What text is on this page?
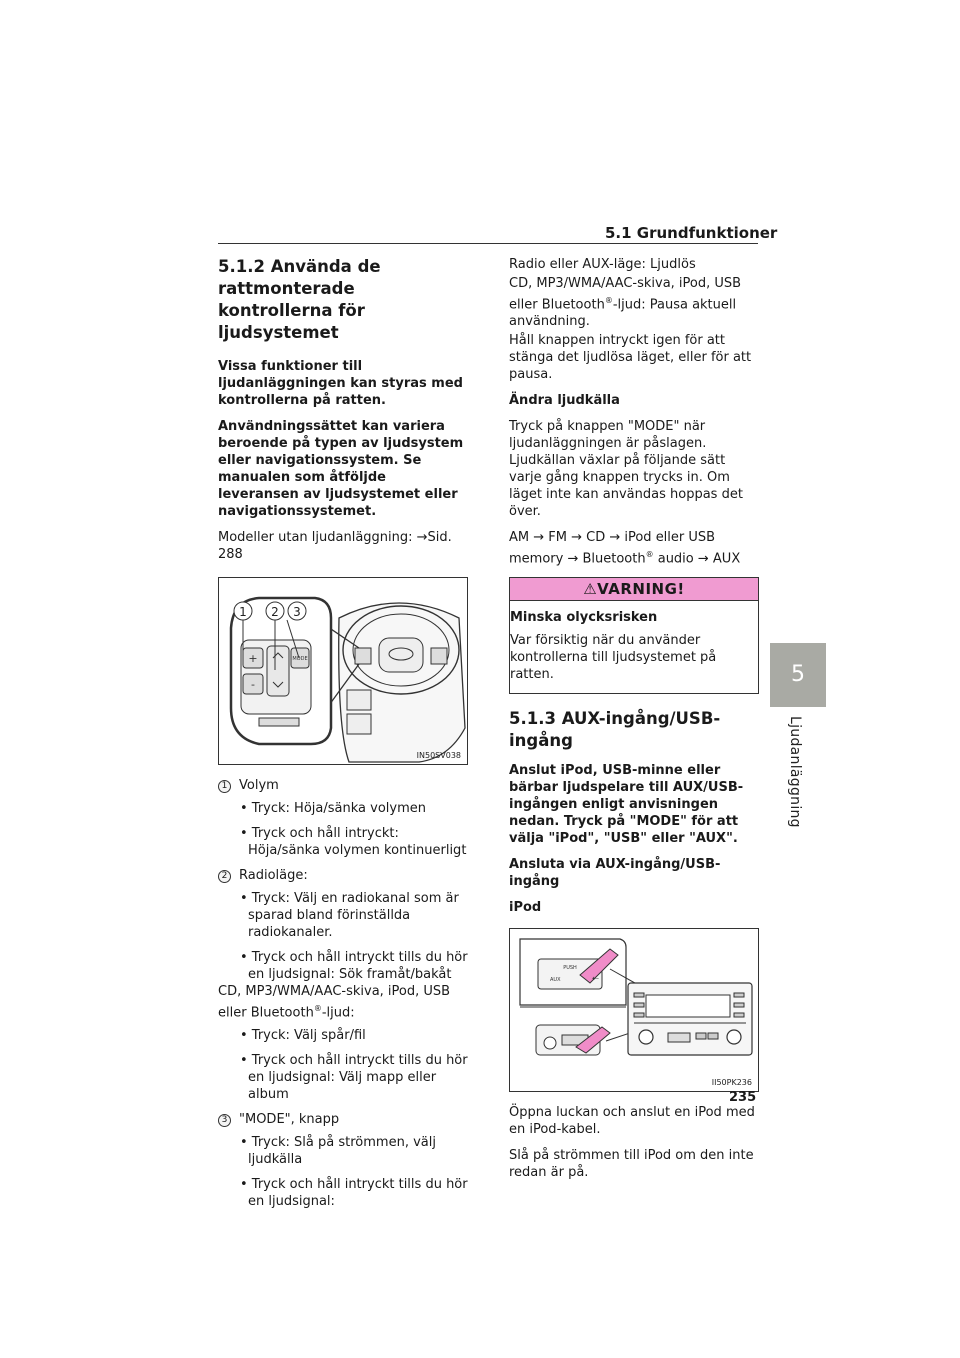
5.1 Grundfunktioner
5
Ljudanläggning
5.1.2 Använda de rattmonterade kontrollerna för ljudsystemet

Vissa funktioner till ljudanläggningen kan styras med kontrollerna på ratten.

Användningssättet kan variera beroende på typen av ljudsystem eller navigationssystem. Se manualen som åtföljde leveransen av ljudsystemet eller navigationssystemet.

Modeller utan ljudanläggning: →Sid. 288

+
-
MODE
1 2 3
IN50SV038

1 Volym

• Tryck: Höja/sänka volymen

• Tryck och håll intryckt: Höja/sänka volymen kontinuerligt

2 Radioläge:

• Tryck: Välj en radiokanal som är sparad bland förinställda radiokanaler.

• Tryck och håll intryckt tills du hör en ljudsignal: Sök framåt/bakåt

CD, MP3/WMA/AAC-skiva, iPod, USB eller Bluetooth®-ljud:

• Tryck: Välj spår/fil

• Tryck och håll intryckt tills du hör en ljudsignal: Välj mapp eller album

3 "MODE", knapp

• Tryck: Slå på strömmen, välj ljudkälla

• Tryck och håll intryckt tills du hör en ljudsignal:

Radio eller AUX-läge: Ljudlös

CD, MP3/WMA/AAC-skiva, iPod, USB eller Bluetooth®-ljud: Pausa aktuell användning.

Håll knappen intryckt igen för att stänga det ljudlösa läget, eller för att pausa.

Ändra ljudkälla

Tryck på knappen "MODE" när ljudanläggningen är påslagen. Ljudkällan växlar på följande sätt varje gång knappen trycks in. Om läget inte kan användas hoppas det över.

AM → FM → CD → iPod eller USB memory → Bluetooth® audio → AUX

⚠VARNING!

Minska olycksrisken

Var försiktig när du använder kontrollerna till ljudsystemet på ratten.

5.1.3 AUX-ingång/USB-ingång

Anslut iPod, USB-minne eller bärbar ljudspelare till AUX/USB-ingången enligt anvisningen nedan. Tryck på "MODE" för att välja "iPod", "USB" eller "AUX".

Ansluta via AUX-ingång/USB-ingång

iPod

PUSH
AUX	⇠
II50PK236

Öppna luckan och anslut en iPod med en iPod-kabel.

Slå på strömmen till iPod om den inte redan är på.

235
